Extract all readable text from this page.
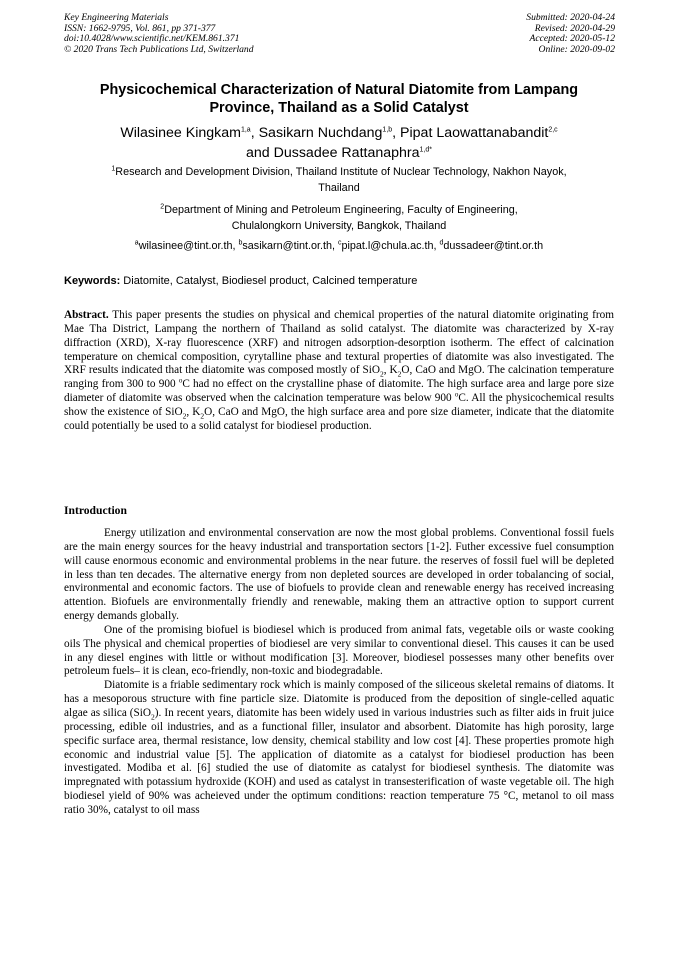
Key Engineering Materials
ISSN: 1662-9795, Vol. 861, pp 371-377
doi:10.4028/www.scientific.net/KEM.861.371
© 2020 Trans Tech Publications Ltd, Switzerland
Submitted: 2020-04-24
Revised: 2020-04-29
Accepted: 2020-05-12
Online: 2020-09-02
Physicochemical Characterization of Natural Diatomite from Lampang
Province, Thailand as a Solid Catalyst
Wilasinee Kingkam$^{1,a}$, Sasikarn Nuchdang$^{1,b}$, Pipat Laowattanabandit$^{2,c}$
and Dussadee Rattanaphra$^{1,d*}$
$^1$Research and Development Division, Thailand Institute of Nuclear Technology, Nakhon Nayok,
Thailand
$^2$Department of Mining and Petroleum Engineering, Faculty of Engineering,
Chulalongkorn University, Bangkok, Thailand
$^a$wilasinee@tint.or.th, $^b$sasikarn@tint.or.th, $^c$pipat.l@chula.ac.th, $^d$dussadeer@tint.or.th
Keywords: Diatomite, Catalyst, Biodiesel product, Calcined temperature
Abstract. This paper presents the studies on physical and chemical properties of the natural diatomite originating from Mae Tha District, Lampang the northern of Thailand as solid catalyst. The diatomite was characterized by X-ray diffraction (XRD), X-ray fluorescence (XRF) and nitrogen adsorption-desorption isotherm. The effect of calcination temperature on chemical composition, cyrytalline phase and textural properties of diatomite was also investigated. The XRF results indicated that the diatomite was composed mostly of SiO$_2$, $K_2O$, CaO and MgO. The calcination temperature ranging from 300 to 900 $^o$C had no effect on the crystalline phase of diatomite. The high surface area and large pore size diameter of diatomite was observed when the calcination temperature was below 900 $^o$C. All the physicochemical results show the existence of SiO$_2$, $K_2O$, CaO and MgO, the high surface area and pore size diameter, indicate that the diatomite could potentially be used to a solid catalyst for biodiesel production.
Introduction

Energy utilization and environmental conservation are now the most global problems. Conventional fossil fuels are the main energy sources for the heavy industrial and transportation sectors [1-2]. Futher excessive fuel consumption will cause enormous economic and environmental problems in the near future. the reserves of fossil fuel will be depleted in less than ten decades. The alternative energy from non depleted sources are developed in order tobalancing of social, environmental and economic factors. The use of biofuels to provide clean and renewable energy has received increasing attention. Biofuels are environmentally friendly and renewable, making them an attractive option to support current energy demands globally.

One of the promising biofuel is biodiesel which is produced from animal fats, vegetable oils or waste cooking oils The physical and chemical properties of biodiesel are very similar to conventional diesel. This causes it can be used in any diesel engines with little or without modification [3]. Moreover, biodiesel possesses many other benefits over petroleum fuels– it is clean, eco-friendly, non-toxic and biodegradable.

Diatomite is a friable sedimentary rock which is mainly composed of the siliceous skeletal remains of diatoms. It has a mesoporous structure with fine particle size. Diatomite is produced from the deposition of single-celled aquatic algae as silica (SiO$_2$). In recent years, diatomite has been widely used in various industries such as filter aids in fruit juice processing, edible oil industries, and as a functional filler, insulator and absorbent. Diatomite has high porosity, large specific surface area, thermal resistance, low density, chemical stability and low cost [4]. These properties promote high economic and industrial value [5]. The application of diatomite as a catalyst for biodiesel production has been investigated. Modiba et al. [6] studied the use of diatomite as catalyst for biodiesel synthesis. The diatomite was impregnated with potassium hydroxide (KOH) and used as catalyst in transesterification of waste vegetable oil. The high biodiesel yield of 90% was acheieved under the optimum conditions: reaction temperature 75 °C, metanol to oil mass ratio 30%, catalyst to oil mass
